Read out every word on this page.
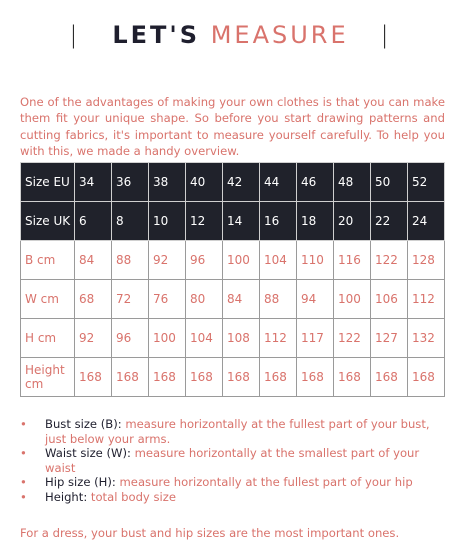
| LET'S MEASURE |

One of the advantages of making your own clothes is that you can make them fit your unique shape. So before you start drawing patterns and cutting fabrics, it's important to measure yourself carefully. To help you with this, we made a handy overview.

Size EU	34	36	38	40	42	44	46	48	50	52
Size UK	6	8	10	12	14	16	18	20	22	24
B cm	84	88	92	96	100	104	110	116	122	128
W cm	68	72	76	80	84	88	94	100	106	112
H cm	92	96	100	104	108	112	117	122	127	132
Height cm	168	168	168	168	168	168	168	168	168	168
• Bust size (B): measure horizontally at the fullest part of your bust, just below your arms.
• Waist size (W): measure horizontally at the smallest part of your waist
• Hip size (H): measure horizontally at the fullest part of your hip
• Height: total body size

For a dress, your bust and hip sizes are the most important ones.
